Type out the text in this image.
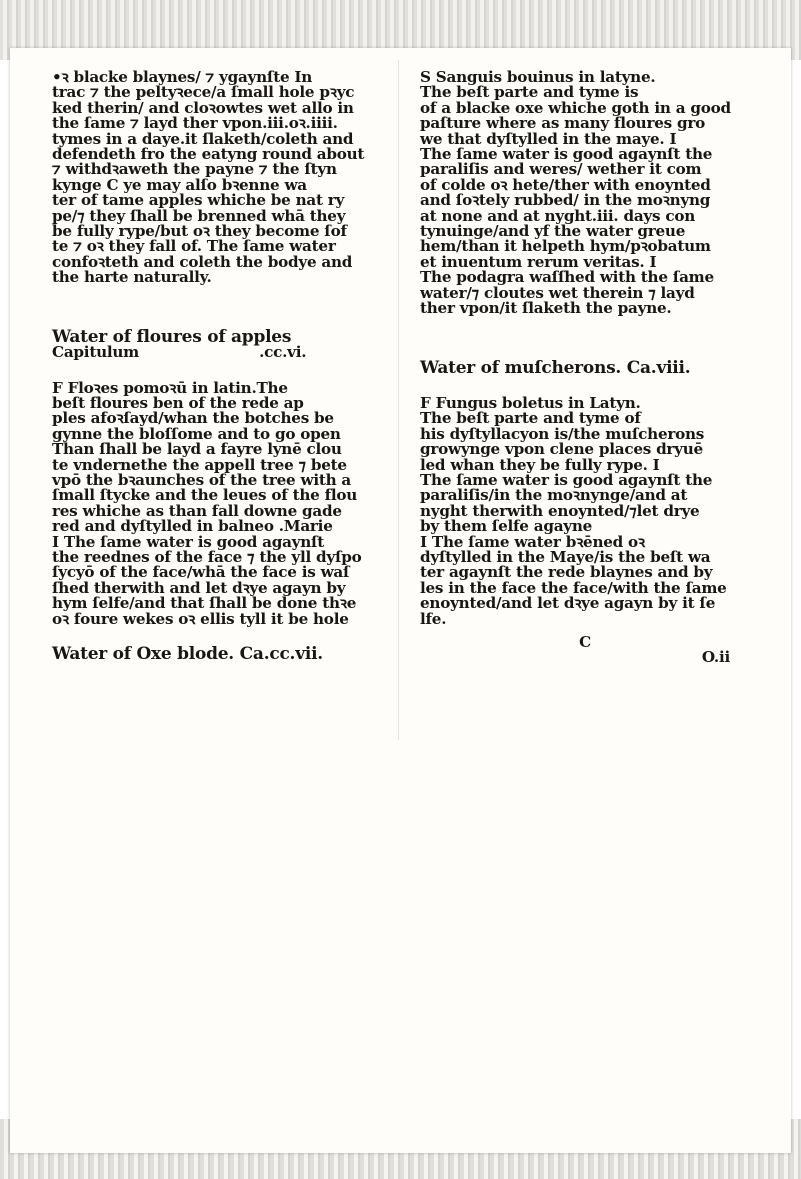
•ꝛ blacke blaynes/ ⁊ ygaynſte In
trac ⁊ the peltyꝛece/a ſmall hole pꝛyc
ked therin/ and cloꝛowtes wet allo in
the ſame ⁊ layd ther vpon.iii.oꝛ.iiii.
tymes in a daye.it ſlaketh/coleth and
defendeth fro the eatyng round about
⁊ withdꝛaweth the payne ⁊ the ſtyn
kynge C ye may alſo bꝛenne wa
ter of tame apples whiche be nat ry
pe/⁊ they ſhall be brenned whā they
be fully rype/but oꝛ they become ſof
te ⁊ oꝛ they fall of. The ſame water
confoꝛteth and coleth the bodye and
the harte naturally.
Water of floures of apples
Capitulum	.cc.vi.
F Floꝛes pomoꝛū in latin.The
beſt floures ben of the rede ap
ples afoꝛſayd/whan the botches be
gynne the bloſſome and to go open
Than ſhall be layd a fayre lynē clou
te vndernethe the appell tree ⁊ bete
vpō the bꝛaunches of the tree with a
ſmall ſtycke and the leues of the flou
res whiche as than fall downe gade
red and dyſtylled in balneo .Marie
I The ſame water is good agaynſt
the reednes of the face ⁊ the yll dyſpo
ſycyō of the face/whā the face is waſ
ſhed therwith and let dꝛye agayn by
hym ſelfe/and that ſhall be done thꝛe
oꝛ foure wekes oꝛ ellis tyll it be hole
Water of Oxe blode. Ca.cc.vii.
S Sanguis bouinus in latyne.
The beſt parte and tyme is
of a blacke oxe whiche goth in a good
paſture where as many floures gro
we that dyſtylled in the maye. I
The ſame water is good agaynſt the
paraliſis and weres/ wether it com
of colde oꝛ hete/ther with enoynted
and ſoꝛtely rubbed/ in the moꝛnyng
at none and at nyght.iii. days con
tynuinge/and yf the water greue
hem/than it helpeth hym/pꝛobatum
et inuentum rerum veritas. I
The podagra waſſhed with the ſame
water/⁊ cloutes wet therein ⁊ layd
ther vpon/it ſlaketh the payne.
Water of muſcherons. Ca.viii.
F Fungus boletus in Latyn.
The beſt parte and tyme of
his dyſtyllacyon is/the muſcherons
growynge vpon clene places dryuē
led whan they be fully rype. I
The ſame water is good agaynſt the
paraliſis/in the moꝛnynge/and at
nyght therwith enoynted/⁊let drye
by them ſelfe agayne
I The ſame water bꝛēned oꝛ
dyſtylled in the Maye/is the beſt wa
ter agaynſt the rede blaynes and by
les in the face the face/with the ſame
enoynted/and let dꝛye agayn by it ſe
lfe.
C
O.ii
